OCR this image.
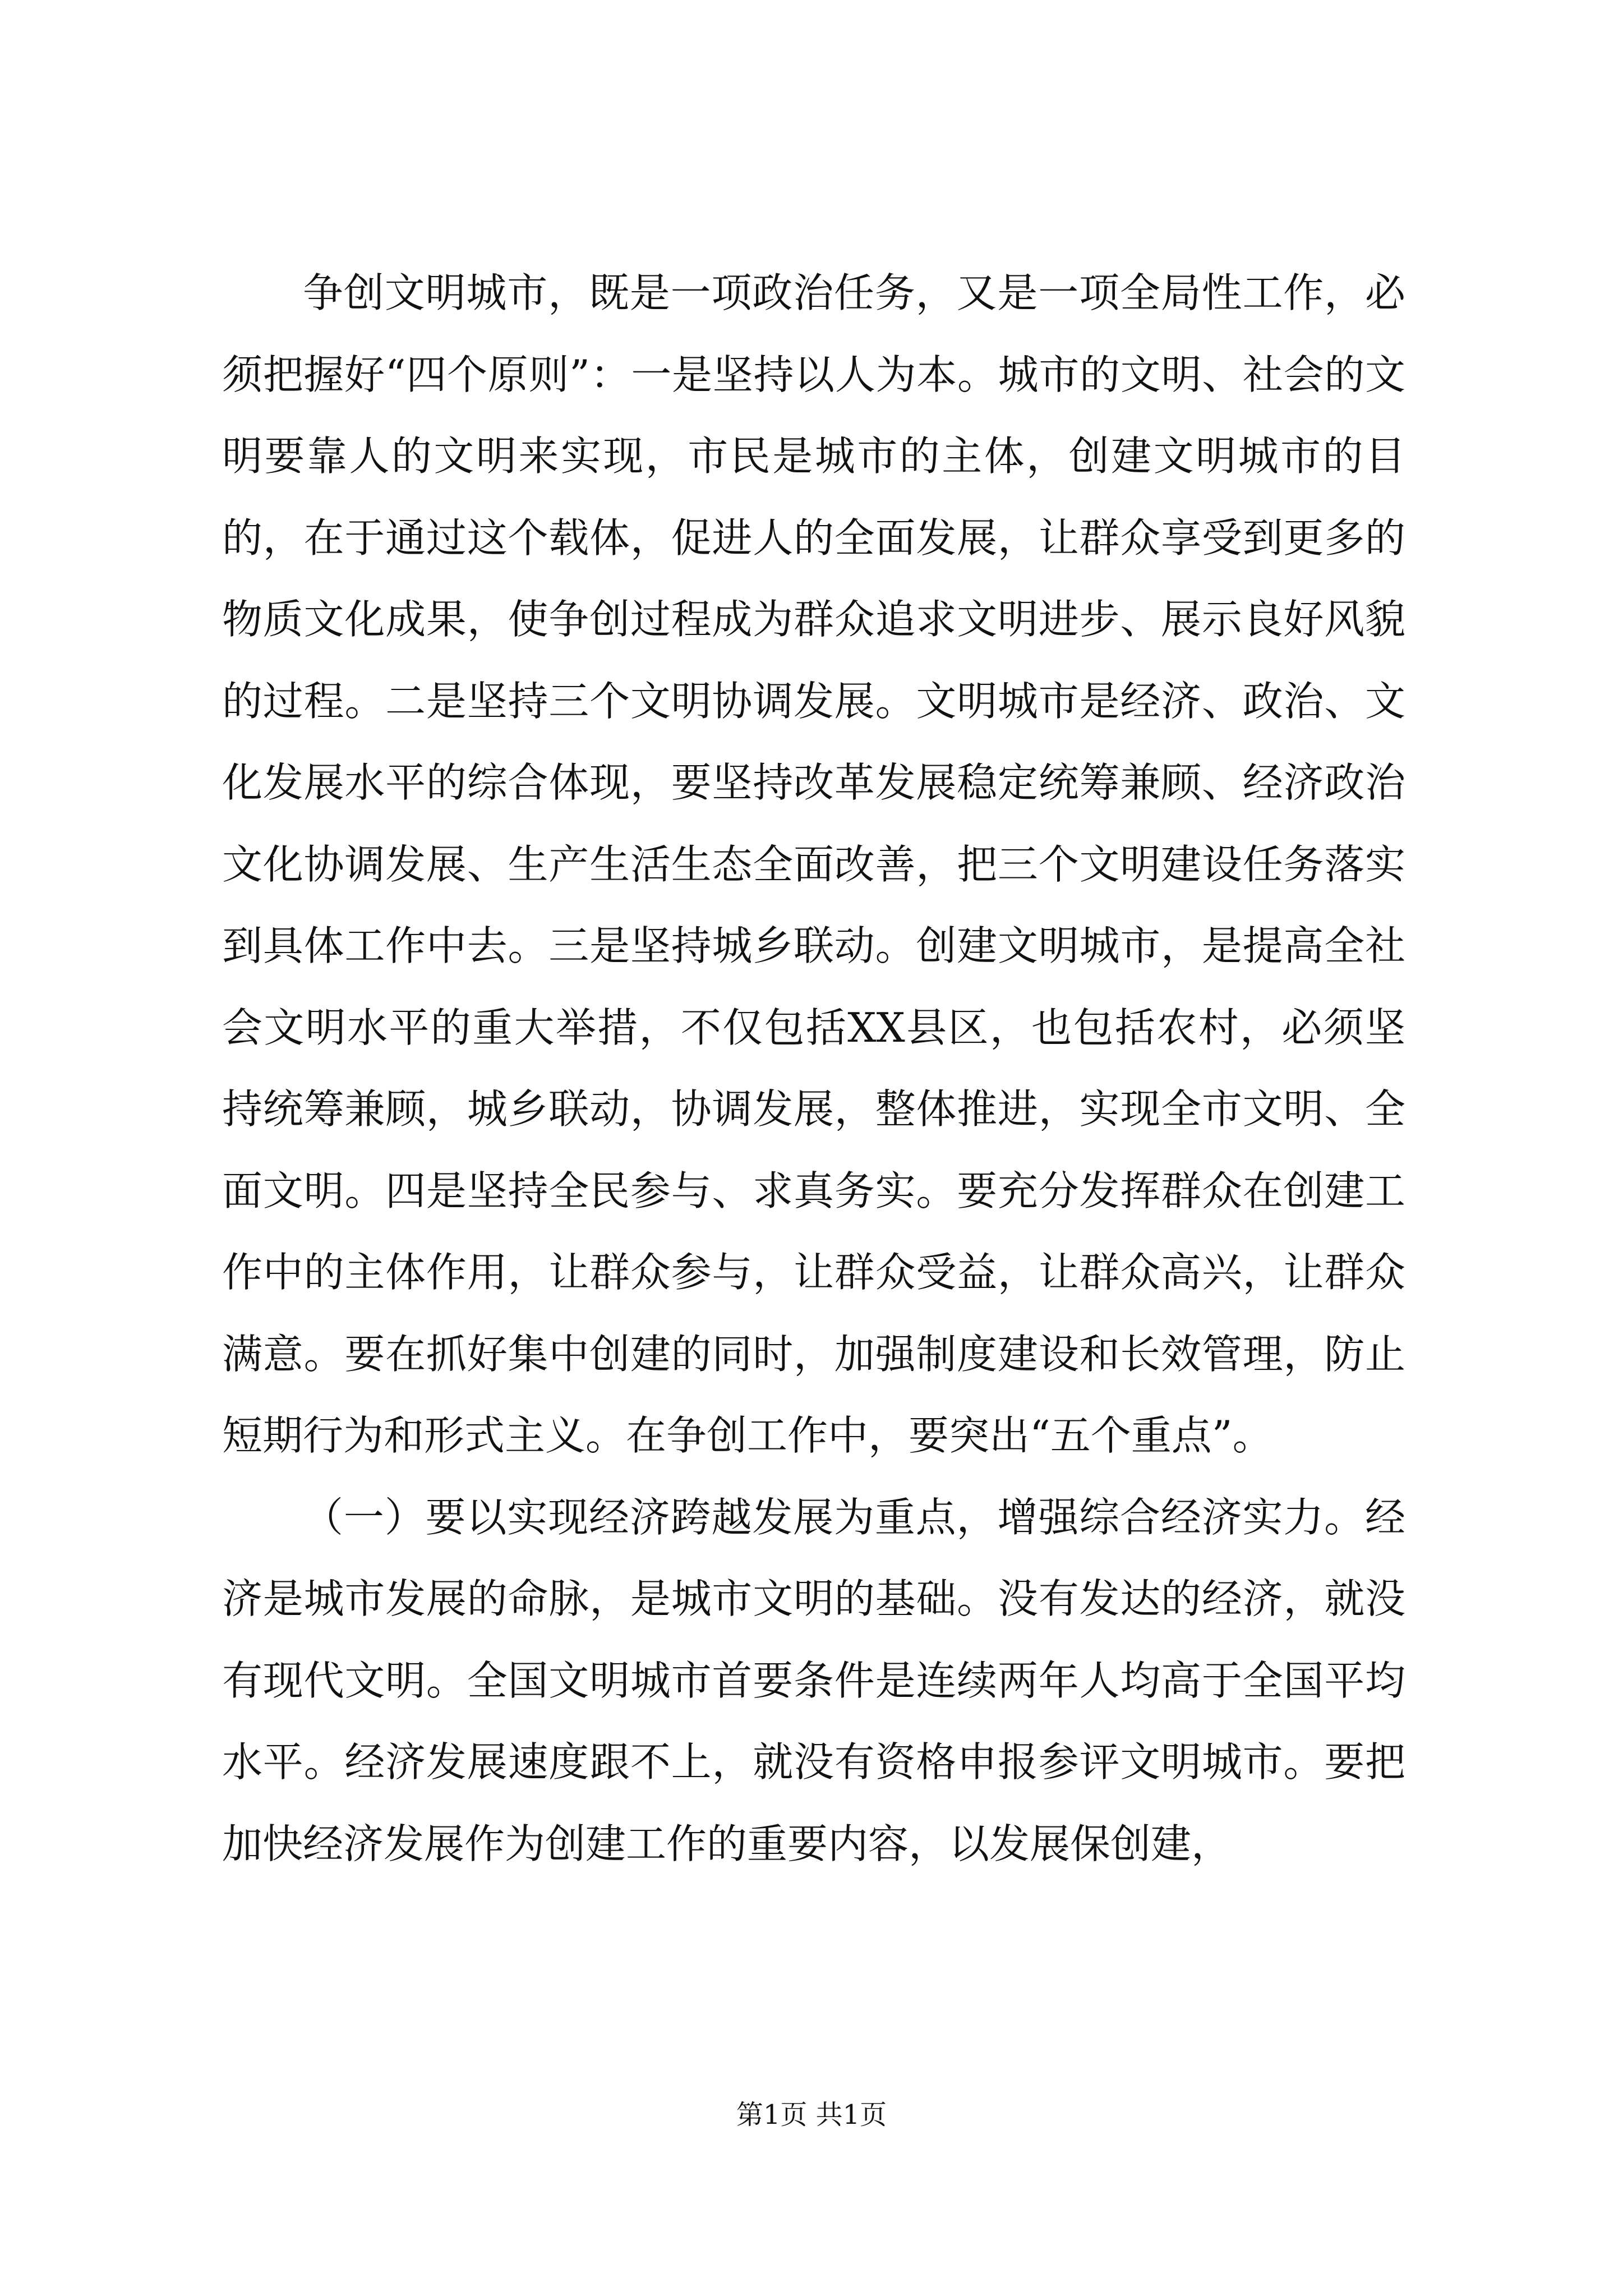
争创文明城市，既是一项政治任务，又是一项全局性工作，必须把握好“四个原则”：一是坚持以人为本。城市的文明、社会的文明要靠人的文明来实现，市民是城市的主体，创建文明城市的目的，在于通过这个载体，促进人的全面发展，让群众享受到更多的物质文化成果，使争创过程成为群众追求文明进步、展示良好风貌的过程。二是坚持三个文明协调发展。文明城市是经济、政治、文化发展水平的综合体现，要坚持改革发展稳定统筹兼顾、经济政治文化协调发展、生产生活生态全面改善，把三个文明建设任务落实到具体工作中去。三是坚持城乡联动。创建文明城市，是提高全社会文明水平的重大举措，不仅包括XX县区，也包括农村，必须坚持统筹兼顾，城乡联动，协调发展，整体推进，实现全市文明、全面文明。四是坚持全民参与、求真务实。要充分发挥群众在创建工作中的主体作用，让群众参与，让群众受益，让群众高兴，让群众满意。要在抓好集中创建的同时，加强制度建设和长效管理，防止短期行为和形式主义。在争创工作中，要突出“五个重点”。

（一）要以实现经济跨越发展为重点，增强综合经济实力。经济是城市发展的命脉，是城市文明的基础。没有发达的经济，就没有现代文明。全国文明城市首要条件是连续两年人均高于全国平均水平。经济发展速度跟不上，就没有资格申报参评文明城市。要把加快经济发展作为创建工作的重要内容，以发展保创建，

第1页 共1页
